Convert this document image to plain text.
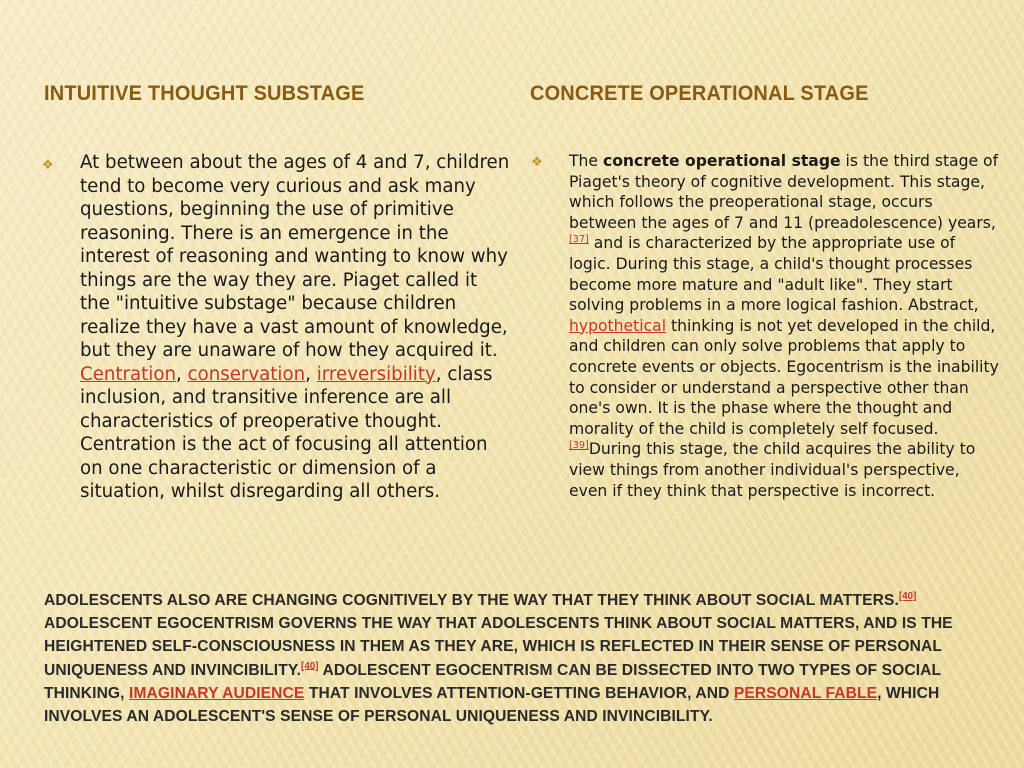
INTUITIVE THOUGHT SUBSTAGE	CONCRETE OPERATIONAL STAGE
❖ At between about the ages of 4 and 7, children tend to become very curious and ask many questions, beginning the use of primitive reasoning. There is an emergence in the interest of reasoning and wanting to know why things are the way they are. Piaget called it the "intuitive substage" because children realize they have a vast amount of knowledge, but they are unaware of how they acquired it. Centration, conservation, irreversibility, class inclusion, and transitive inference are all characteristics of preoperative thought. Centration is the act of focusing all attention on one characteristic or dimension of a situation, whilst disregarding all others.
❖ The concrete operational stage is the third stage of Piaget's theory of cognitive development. This stage, which follows the preoperational stage, occurs between the ages of 7 and 11 (preadolescence) years,[37] and is characterized by the appropriate use of logic. During this stage, a child's thought processes become more mature and "adult like". They start solving problems in a more logical fashion. Abstract, hypothetical thinking is not yet developed in the child, and children can only solve problems that apply to concrete events or objects. Egocentrism is the inability to consider or understand a perspective other than one's own. It is the phase where the thought and morality of the child is completely self focused.[39]During this stage, the child acquires the ability to view things from another individual's perspective, even if they think that perspective is incorrect.
ADOLESCENTS ALSO ARE CHANGING COGNITIVELY BY THE WAY THAT THEY THINK ABOUT SOCIAL MATTERS.[40] ADOLESCENT EGOCENTRISM GOVERNS THE WAY THAT ADOLESCENTS THINK ABOUT SOCIAL MATTERS, AND IS THE HEIGHTENED SELF-CONSCIOUSNESS IN THEM AS THEY ARE, WHICH IS REFLECTED IN THEIR SENSE OF PERSONAL UNIQUENESS AND INVINCIBILITY.[40] ADOLESCENT EGOCENTRISM CAN BE DISSECTED INTO TWO TYPES OF SOCIAL THINKING, IMAGINARY AUDIENCE THAT INVOLVES ATTENTION-GETTING BEHAVIOR, AND PERSONAL FABLE, WHICH INVOLVES AN ADOLESCENT'S SENSE OF PERSONAL UNIQUENESS AND INVINCIBILITY.
